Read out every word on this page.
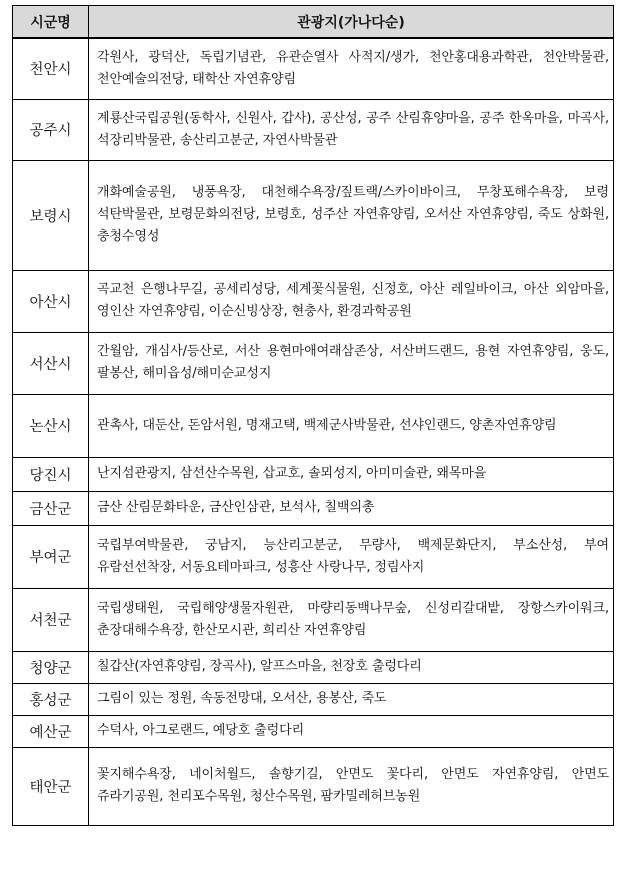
시군명	관광지(가나다순)
천안시	각원사, 광덕산, 독립기념관, 유관순열사 사적지/생가, 천안홍대용과학관, 천안박물관, 천안예술의전당, 태학산 자연휴양림
공주시	계룡산국립공원(동학사, 신원사, 갑사), 공산성, 공주 산림휴양마을, 공주 한옥마을, 마곡사, 석장리박물관, 송산리고분군, 자연사박물관
보령시	개화예술공원, 냉풍욕장, 대천해수욕장/짚트랙/스카이바이크, 무창포해수욕장, 보령 석탄박물관, 보령문화의전당, 보령호, 성주산 자연휴양림, 오서산 자연휴양림, 죽도 상화원, 충청수영성
아산시	곡교천 은행나무길, 공세리성당, 세계꽃식물원, 신정호, 아산 레일바이크, 아산 외암마을, 영인산 자연휴양림, 이순신빙상장, 현충사, 환경과학공원
서산시	간월암, 개심사/등산로, 서산 용현마애여래삼존상, 서산버드랜드, 용현 자연휴양림, 웅도, 팔봉산, 해미읍성/해미순교성지
논산시	관촉사, 대둔산, 돈암서원, 명재고택, 백제군사박물관, 선샤인랜드, 양촌자연휴양림
당진시	난지섬관광지, 삼선산수목원, 삽교호, 솔뫼성지, 아미미술관, 왜목마을
금산군	금산 산림문화타운, 금산인삼관, 보석사, 칠백의총
부여군	국립부여박물관, 궁남지, 능산리고분군, 무량사, 백제문화단지, 부소산성, 부여 유람선선착장, 서동요테마파크, 성흥산 사랑나무, 정림사지
서천군	국립생태원, 국립해양생물자원관, 마량리동백나무숲, 신성리갈대밭, 장항스카이워크, 춘장대해수욕장, 한산모시관, 희리산 자연휴양림
청양군	칠갑산(자연휴양림, 장곡사), 알프스마을, 천장호 출렁다리
홍성군	그림이 있는 정원, 속동전망대, 오서산, 용봉산, 죽도
예산군	수덕사, 아그로랜드, 예당호 출렁다리
태안군	꽃지해수욕장, 네이처월드, 솔향기길, 안면도 꽃다리, 안면도 자연휴양림, 안면도 쥬라기공원, 천리포수목원, 청산수목원, 팜카밀레허브농원
